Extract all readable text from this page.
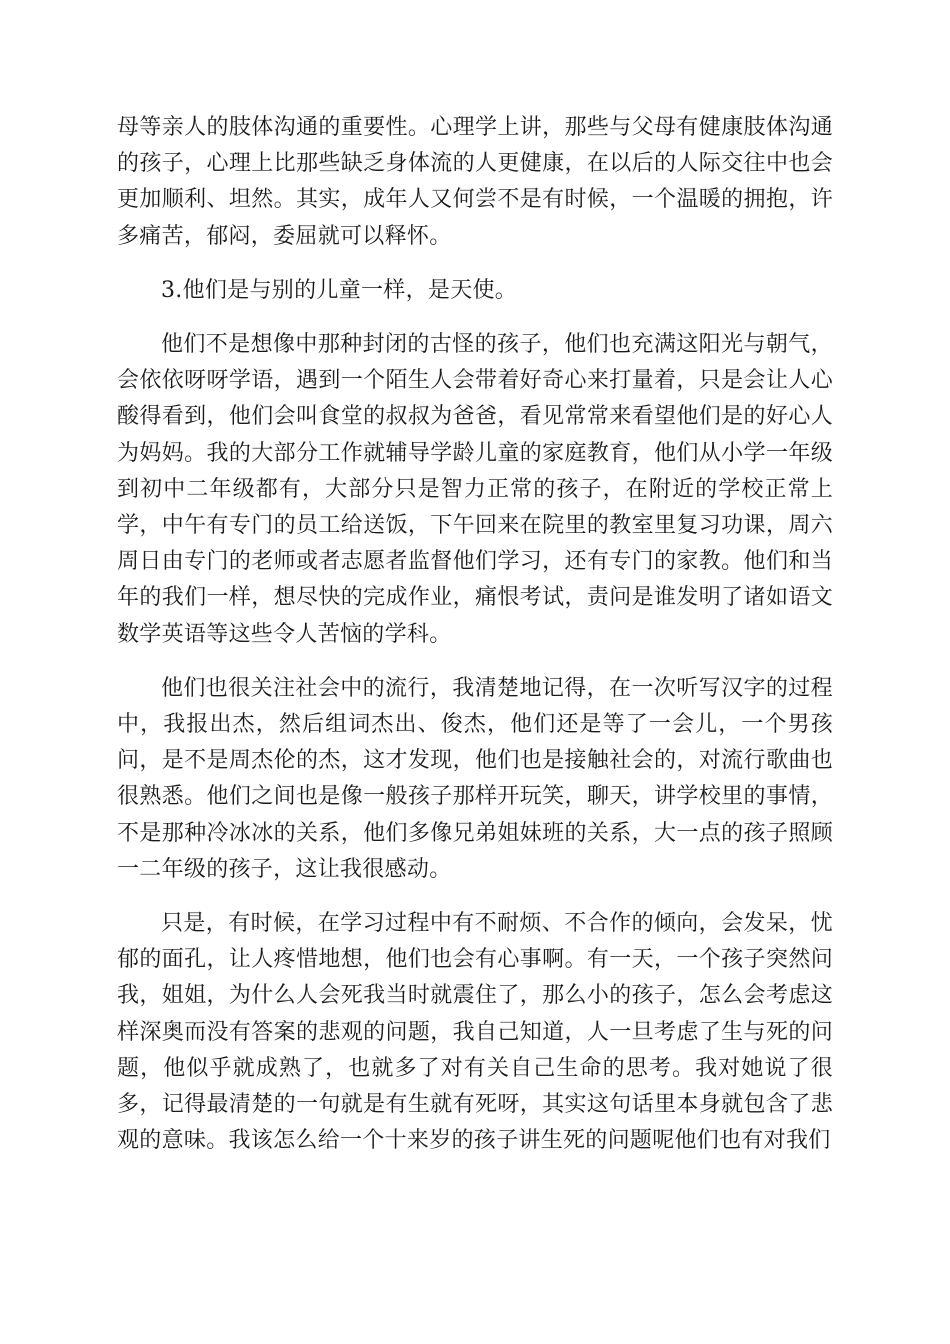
母等亲人的肢体沟通的重要性。心理学上讲，那些与父母有健康肢体沟通的孩子，心理上比那些缺乏身体流的人更健康，在以后的人际交往中也会更加顺利、坦然。其实，成年人又何尝不是有时候，一个温暖的拥抱，许多痛苦，郁闷，委屈就可以释怀。

3.他们是与别的儿童一样，是天使。

他们不是想像中那种封闭的古怪的孩子，他们也充满这阳光与朝气，会依依呀呀学语，遇到一个陌生人会带着好奇心来打量着，只是会让人心酸得看到，他们会叫食堂的叔叔为爸爸，看见常常来看望他们是的好心人为妈妈。我的大部分工作就辅导学龄儿童的家庭教育，他们从小学一年级到初中二年级都有，大部分只是智力正常的孩子，在附近的学校正常上学，中午有专门的员工给送饭，下午回来在院里的教室里复习功课，周六周日由专门的老师或者志愿者监督他们学习，还有专门的家教。他们和当年的我们一样，想尽快的完成作业，痛恨考试，责问是谁发明了诸如语文数学英语等这些令人苦恼的学科。

他们也很关注社会中的流行，我清楚地记得，在一次听写汉字的过程中，我报出杰，然后组词杰出、俊杰，他们还是等了一会儿，一个男孩问，是不是周杰伦的杰，这才发现，他们也是接触社会的，对流行歌曲也很熟悉。他们之间也是像一般孩子那样开玩笑，聊天，讲学校里的事情，不是那种冷冰冰的关系，他们多像兄弟姐妹班的关系，大一点的孩子照顾一二年级的孩子，这让我很感动。

只是，有时候，在学习过程中有不耐烦、不合作的倾向，会发呆，忧郁的面孔，让人疼惜地想，他们也会有心事啊。有一天，一个孩子突然问我，姐姐，为什么人会死我当时就震住了，那么小的孩子，怎么会考虑这样深奥而没有答案的悲观的问题，我自己知道，人一旦考虑了生与死的问题，他似乎就成熟了，也就多了对有关自己生命的思考。我对她说了很多，记得最清楚的一句就是有生就有死呀，其实这句话里本身就包含了悲观的意味。我该怎么给一个十来岁的孩子讲生死的问题呢他们也有对我们
